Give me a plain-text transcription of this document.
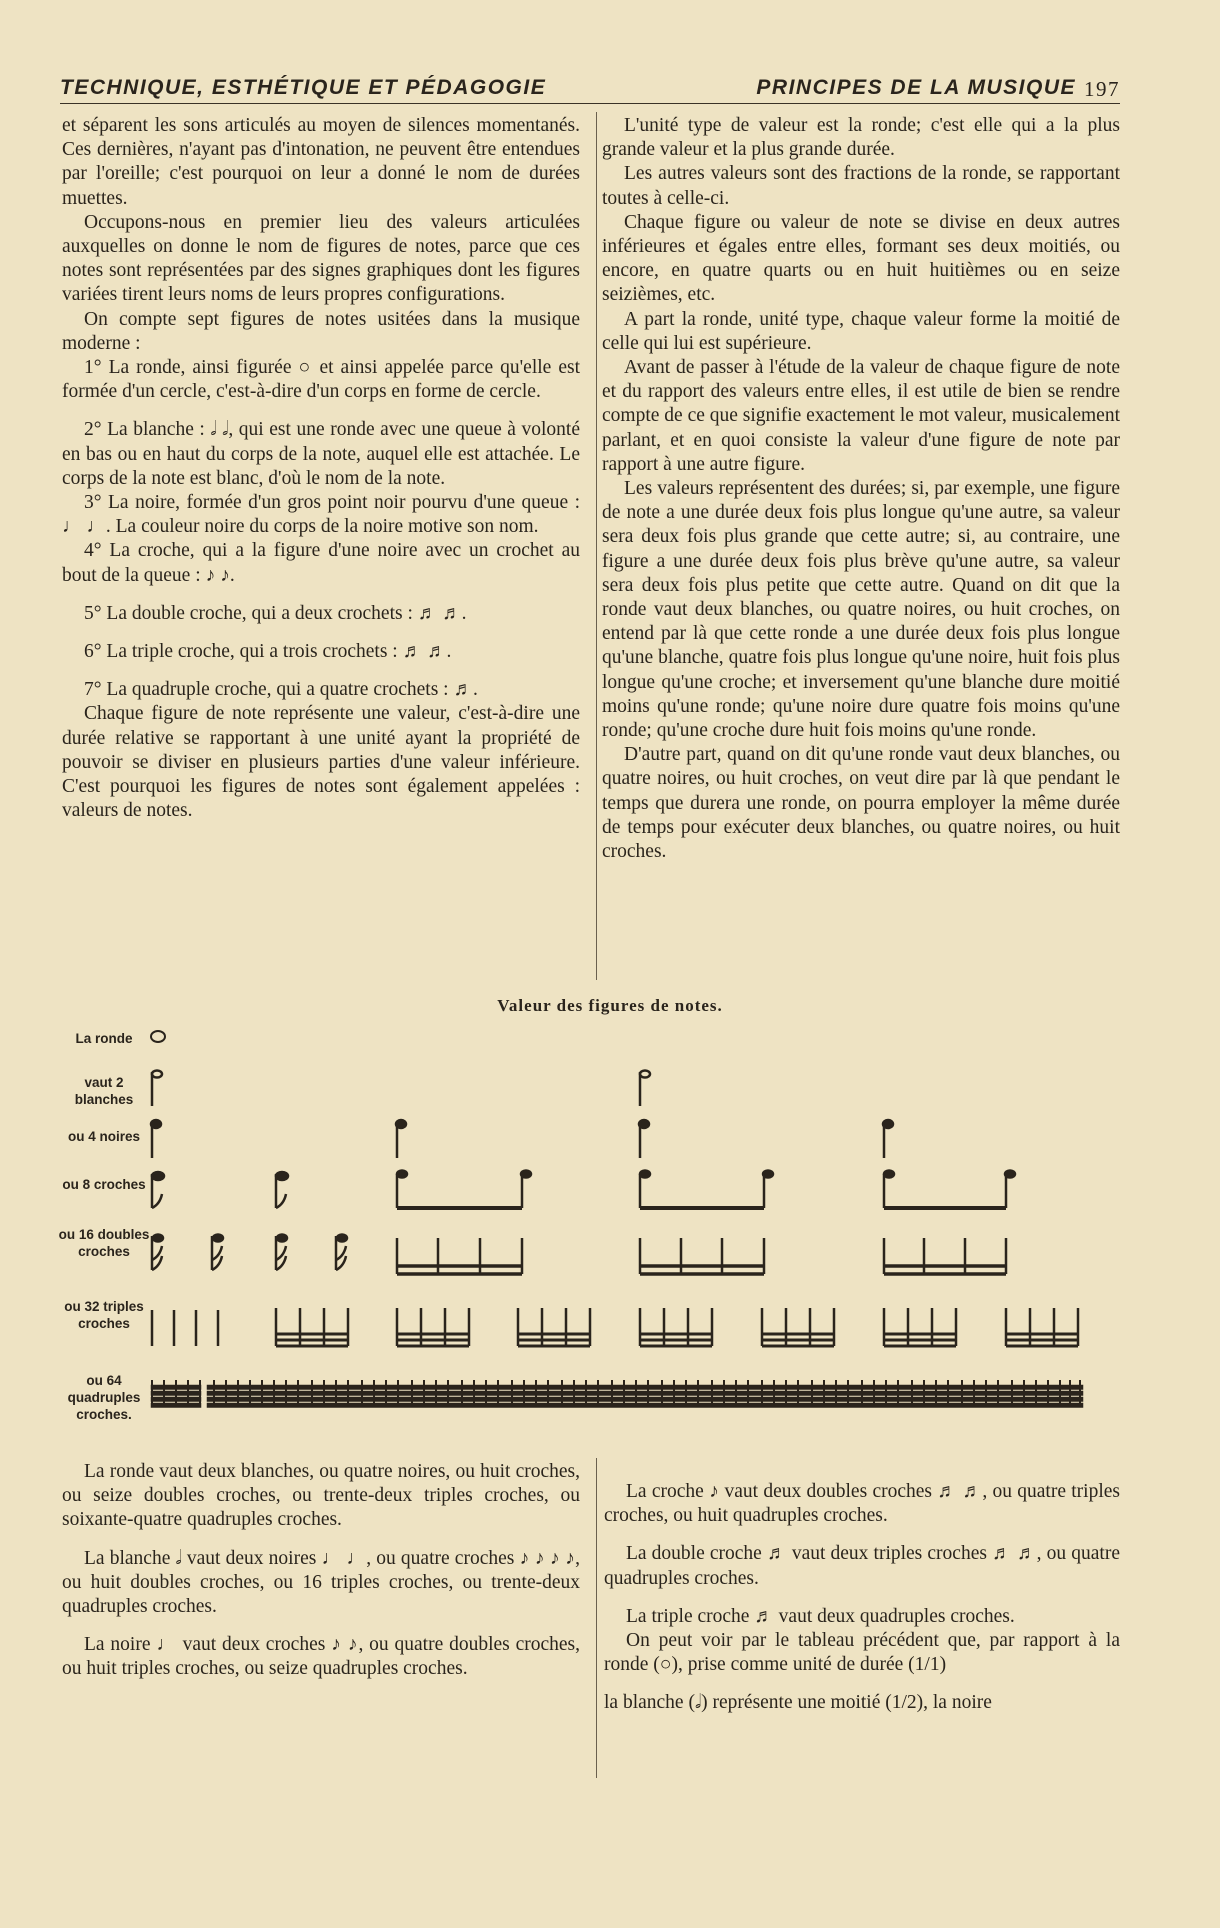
TECHNIQUE, ESTHÉTIQUE ET PÉDAGOGIE	PRINCIPES DE LA MUSIQUE 197

et séparent les sons articulés au moyen de silences momentanés. Ces dernières, n'ayant pas d'intonation, ne peuvent être entendues par l'oreille; c'est pourquoi on leur a donné le nom de durées muettes.

Occupons-nous en premier lieu des valeurs articulées auxquelles on donne le nom de figures de notes, parce que ces notes sont représentées par des signes graphiques dont les figures variées tirent leurs noms de leurs propres configurations.

On compte sept figures de notes usitées dans la musique moderne :

1° La ronde, ainsi figurée ○ et ainsi appelée parce qu'elle est formée d'un cercle, c'est-à-dire d'un corps en forme de cercle.

2° La blanche : 𝅗𝅥 𝅗𝅥, qui est une ronde avec une queue à volonté en bas ou en haut du corps de la note, auquel elle est attachée. Le corps de la note est blanc, d'où le nom de la note.

3° La noire, formée d'un gros point noir pourvu d'une queue : ♩ ♩. La couleur noire du corps de la noire motive son nom.

4° La croche, qui a la figure d'une noire avec un crochet au bout de la queue : ♪ ♪.

5° La double croche, qui a deux crochets : ♬ ♬.

6° La triple croche, qui a trois crochets : ♬ ♬.

7° La quadruple croche, qui a quatre crochets : ♬.

Chaque figure de note représente une valeur, c'est-à-dire une durée relative se rapportant à une unité ayant la propriété de pouvoir se diviser en plusieurs parties d'une valeur inférieure. C'est pourquoi les figures de notes sont également appelées : valeurs de notes.

L'unité type de valeur est la ronde; c'est elle qui a la plus grande valeur et la plus grande durée.

Les autres valeurs sont des fractions de la ronde, se rapportant toutes à celle-ci.

Chaque figure ou valeur de note se divise en deux autres inférieures et égales entre elles, formant ses deux moitiés, ou encore, en quatre quarts ou en huit huitièmes ou en seize seizièmes, etc.

A part la ronde, unité type, chaque valeur forme la moitié de celle qui lui est supérieure.

Avant de passer à l'étude de la valeur de chaque figure de note et du rapport des valeurs entre elles, il est utile de bien se rendre compte de ce que signifie exactement le mot valeur, musicalement parlant, et en quoi consiste la valeur d'une figure de note par rapport à une autre figure.

Les valeurs représentent des durées; si, par exemple, une figure de note a une durée deux fois plus longue qu'une autre, sa valeur sera deux fois plus grande que cette autre; si, au contraire, une figure a une durée deux fois plus brève qu'une autre, sa valeur sera deux fois plus petite que cette autre. Quand on dit que la ronde vaut deux blanches, ou quatre noires, ou huit croches, on entend par là que cette ronde a une durée deux fois plus longue qu'une blanche, quatre fois plus longue qu'une noire, huit fois plus longue qu'une croche; et inversement qu'une blanche dure moitié moins qu'une ronde; qu'une noire dure quatre fois moins qu'une ronde; qu'une croche dure huit fois moins qu'une ronde.

D'autre part, quand on dit qu'une ronde vaut deux blanches, ou quatre noires, ou huit croches, on veut dire par là que pendant le temps que durera une ronde, on pourra employer la même durée de temps pour exécuter deux blanches, ou quatre noires, ou huit croches.

Valeur des figures de notes.
La ronde
vaut 2 blanches
ou 4 noires
ou 8 croches
ou 16 doubles croches
ou 32 triples croches
ou 64 quadruples croches.

La ronde vaut deux blanches, ou quatre noires, ou huit croches, ou seize doubles croches, ou trente-deux triples croches, ou soixante-quatre quadruples croches.

La blanche 𝅗𝅥 vaut deux noires ♩ ♩, ou quatre croches ♪ ♪ ♪ ♪, ou huit doubles croches, ou 16 triples croches, ou trente-deux quadruples croches.

La noire ♩ vaut deux croches ♪ ♪, ou quatre doubles croches, ou huit triples croches, ou seize quadruples croches.

La croche ♪ vaut deux doubles croches ♬ ♬, ou quatre triples croches, ou huit quadruples croches.

La double croche ♬ vaut deux triples croches ♬ ♬, ou quatre quadruples croches.

La triple croche ♬ vaut deux quadruples croches.

On peut voir par le tableau précédent que, par rapport à la ronde (○), prise comme unité de durée (1/1)

la blanche (𝅗𝅥) représente une moitié (1/2), la noire
